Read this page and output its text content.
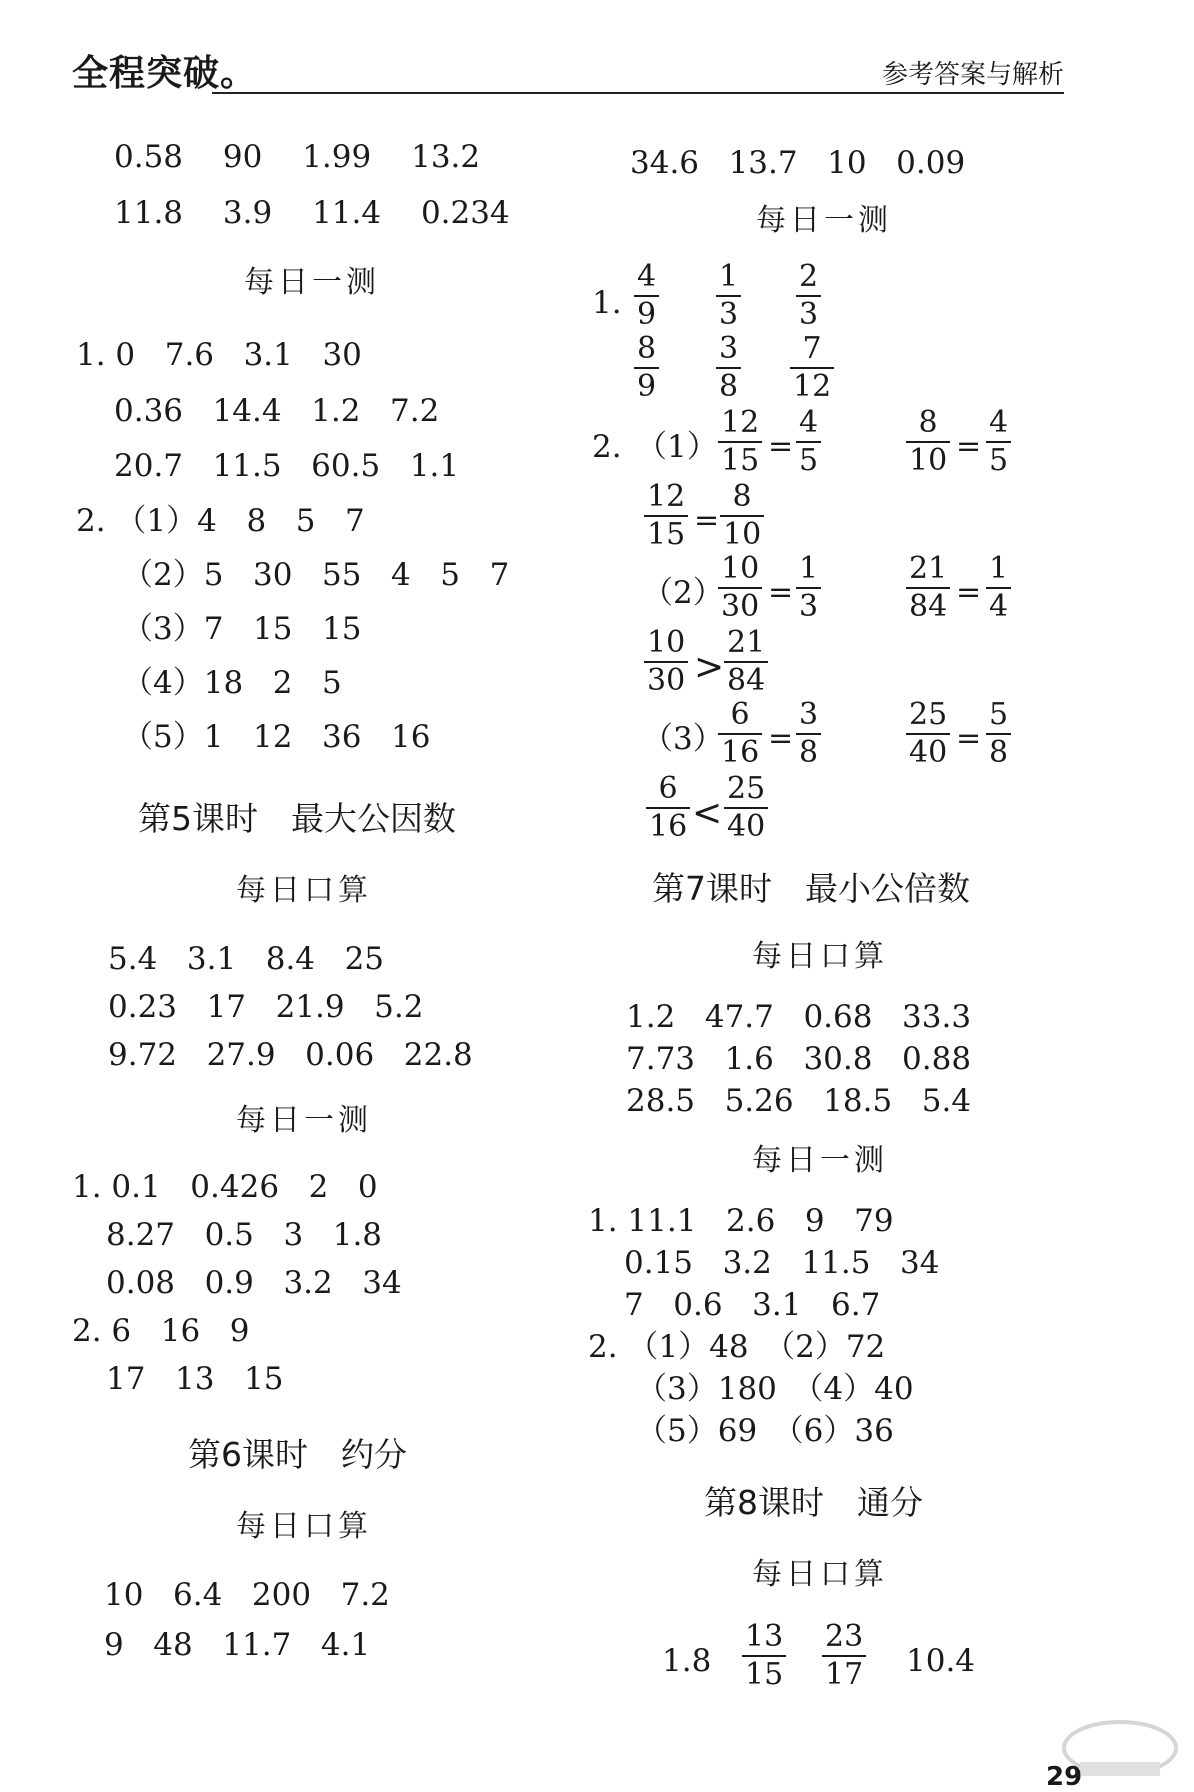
全程突破。	参考答案与解析
0.58 90 1.99 13.2
11.8 3.9 11.4 0.234
每日一测
1. 0   7.6   3.1   30
0.36   14.4   1.2   7.2
20.7   11.5   60.5   1.1
2. （1）4   8   5   7
（2）5   30   55   4   5   7
（3）7   15   15
（4）18   2   5
（5）1   12   36   16
第5课时　最大公因数
每日口算
5.4   3.1   8.4   25
0.23   17   21.9   5.2
9.72   27.9   0.06   22.8
每日一测
1. 0.1   0.426   2   0
8.27   0.5   3   1.8
0.08   0.9   3.2   34
2. 6   16   9
17   13   15
第6课时　约分
每日口算
10   6.4   200   7.2
9   48   11.7   4.1
34.6   13.7   10   0.09
每日一测
1.
4
9
1
3
2
3
8
9
3
8
7
12
2. （1）
12
15 =
4
5
8
10 =
4
5
12
15 =
8
10
（2）
10
30 =
1
3
21
84 =
1
4
10
30 >
21
84
（3）
6
16 =
3
8
25
40 =
5
8
6
16 <
25
40
第7课时　最小公倍数
每日口算
1.2   47.7   0.68   33.3
7.73   1.6   30.8   0.88
28.5   5.26   18.5   5.4
每日一测
1. 11.1   2.6   9   79
0.15   3.2   11.5   34
7   0.6   3.1   6.7
2. （1）48　（2）72
（3）180　（4）40
（5）69　（6）36
第8课时　通分
每日口算
1.8
13
15
23
17 10.4
29
